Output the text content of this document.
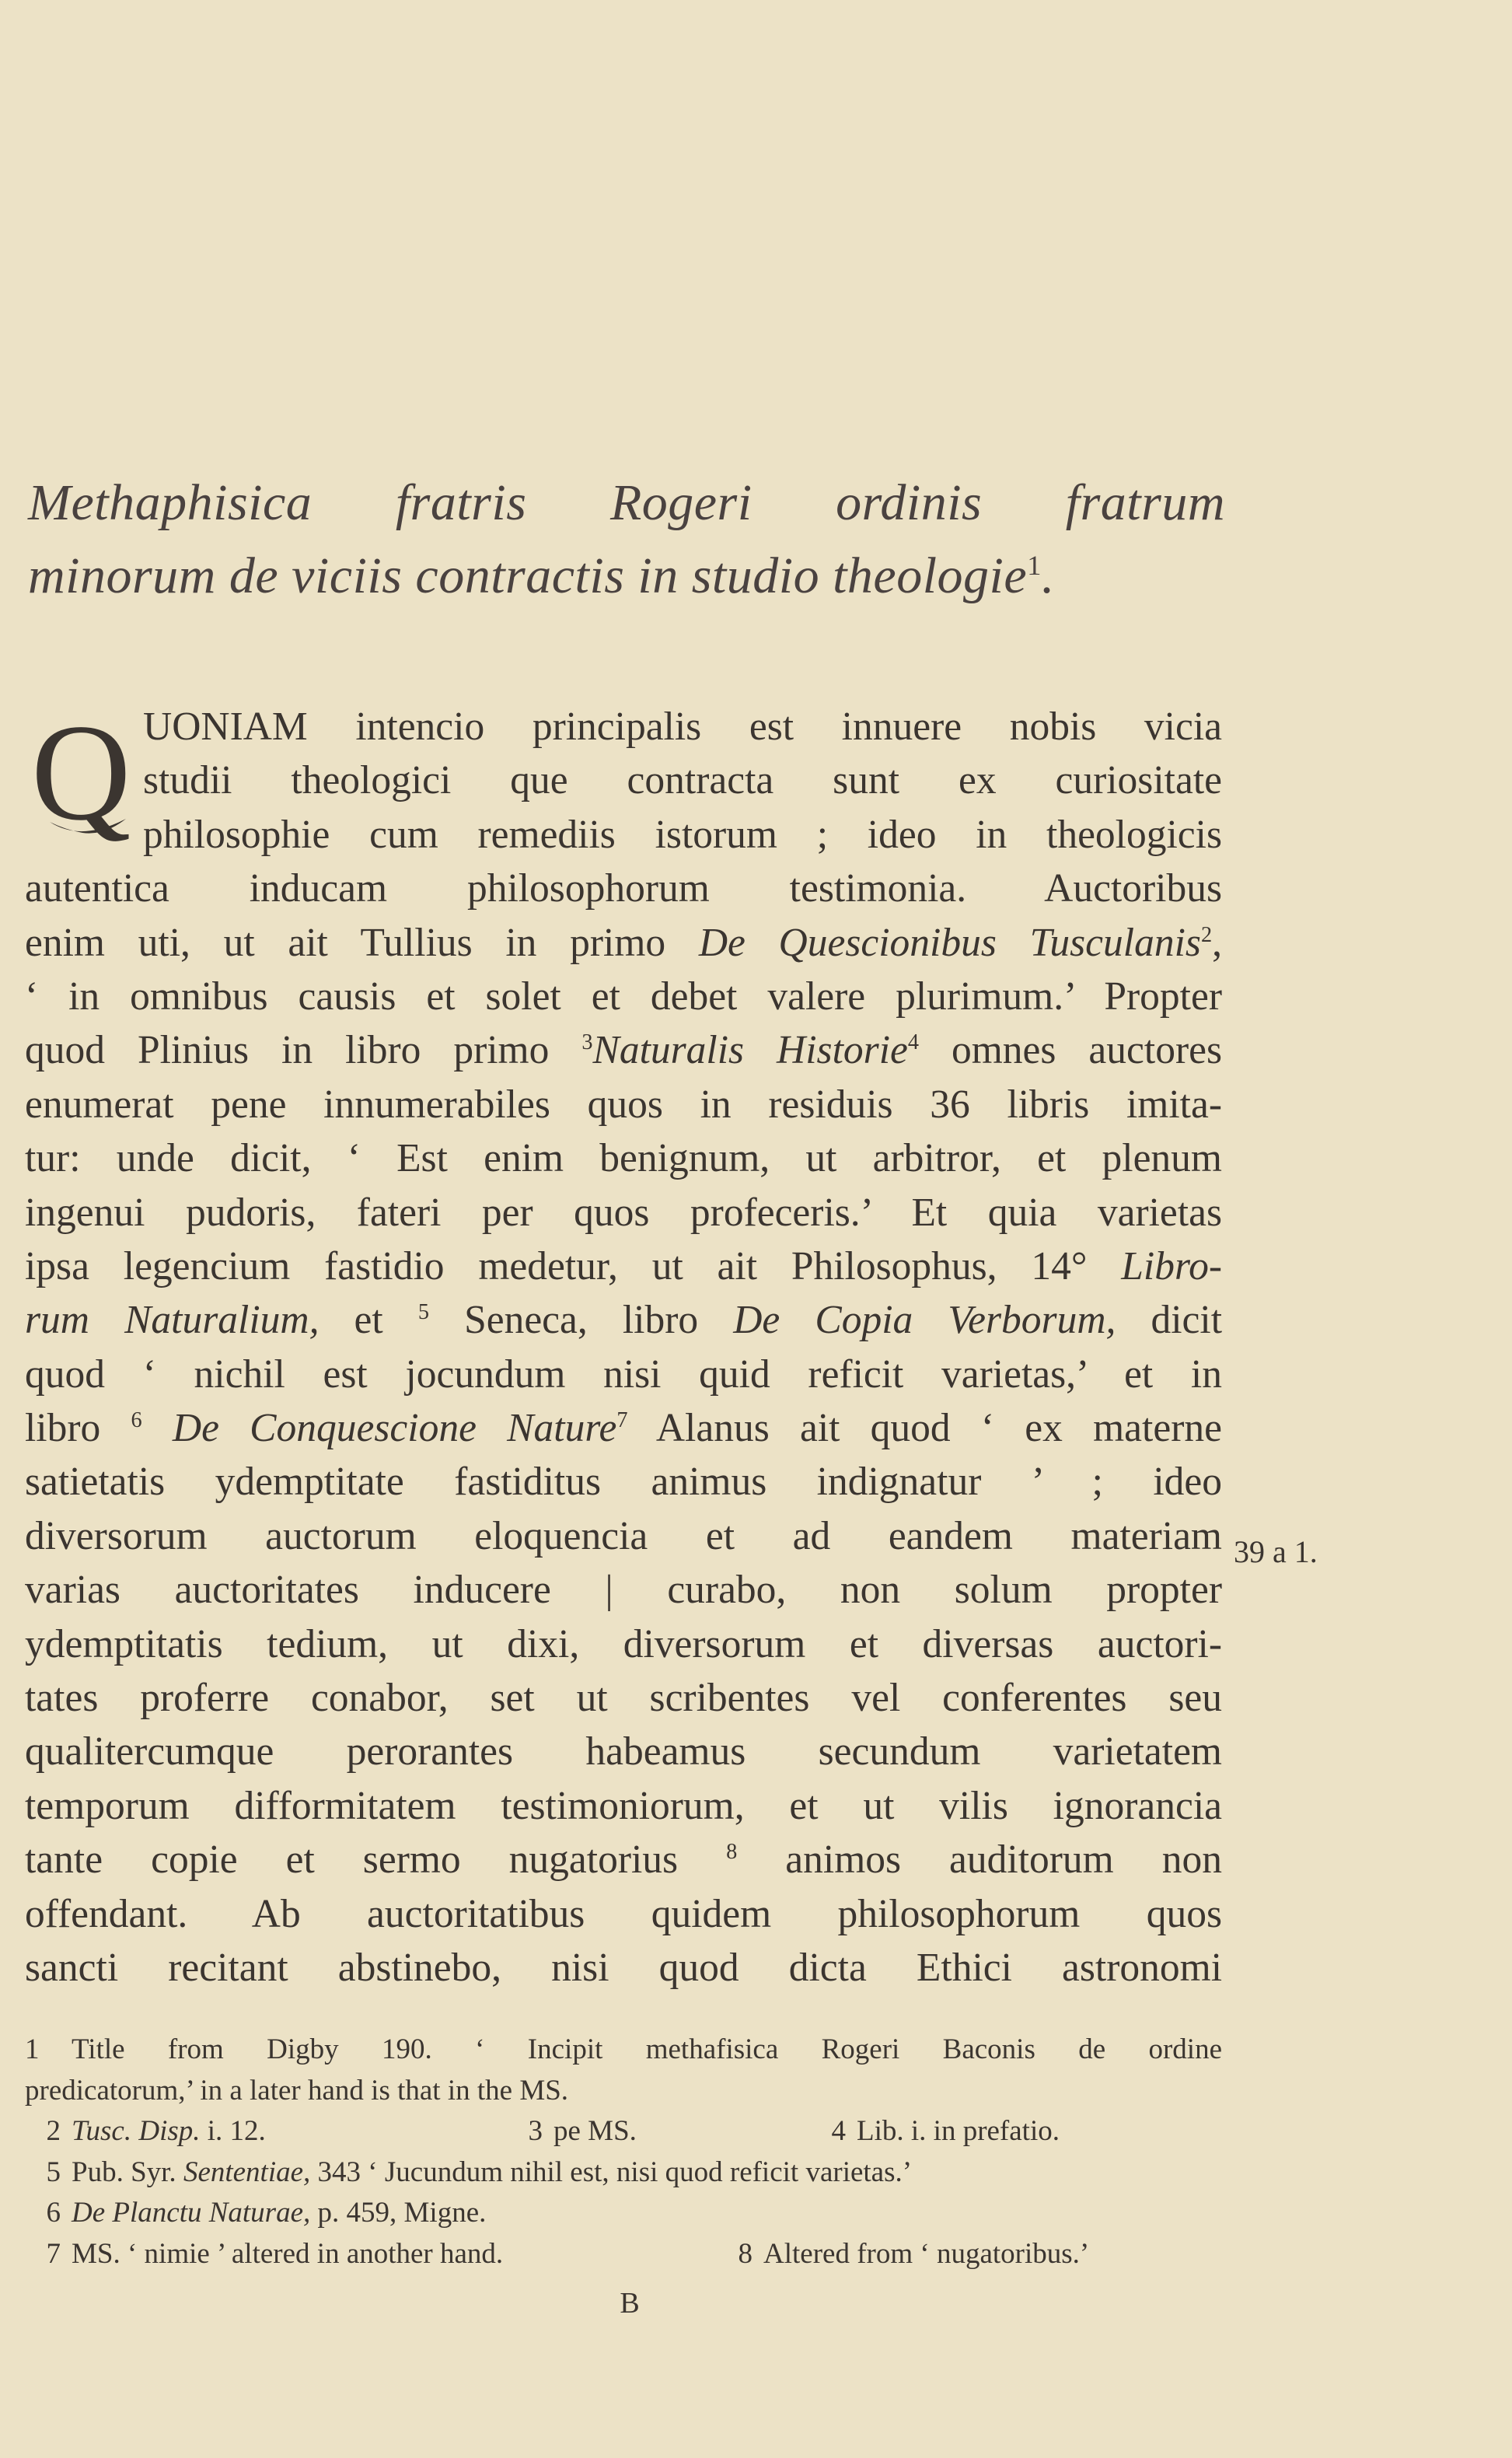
Methaphisica fratris Rogeri ordinis fratrum
minorum de viciis contractis in studio theologie$^1$.
Q UONIAM intencio principalis est innuere nobis vicia
studii theologici que contracta sunt ex curiositate
philosophie cum remediis istorum ; ideo in theologicis
autentica inducam philosophorum testimonia. Auctoribus
enim uti, ut ait Tullius in primo De Quescionibus Tusculanis$^2$,
‘ in omnibus causis et solet et debet valere plurimum.’ Propter
quod Plinius in libro primo $^3$Naturalis Historie$^4$ omnes auctores
enumerat pene innumerabiles quos in residuis 36 libris imita-
tur: unde dicit, ‘ Est enim benignum, ut arbitror, et plenum
ingenui pudoris, fateri per quos profeceris.’ Et quia varietas
ipsa legencium fastidio medetur, ut ait Philosophus, 14° Libro-
rum Naturalium, et $^5$ Seneca, libro De Copia Verborum, dicit
quod ‘ nichil est jocundum nisi quid reficit varietas,’ et in
libro $^6$ De Conquescione Nature$^7$ Alanus ait quod ‘ ex materne
satietatis ydemptitate fastiditus animus indignatur ’ ; ideo
diversorum auctorum eloquencia et ad eandem materiam
varias auctoritates inducere | curabo, non solum propter
ydemptitatis tedium, ut dixi, diversorum et diversas auctori-
tates proferre conabor, set ut scribentes vel conferentes seu
qualitercumque perorantes habeamus secundum varietatem
temporum difformitatem testimoniorum, et ut vilis ignorancia
tante copie et sermo nugatorius $^8$ animos auditorum non
offendant. Ab auctoritatibus quidem philosophorum quos
sancti recitant abstinebo, nisi quod dicta Ethici astronomi
39 a 1.
1 Title from Digby 190. ‘ Incipit methafisica Rogeri Baconis de ordine
predicatorum,’ in a later hand is that in the MS.
2 Tusc. Disp. i. 12.	3 pe MS.	4 Lib. i. in prefatio.
5 Pub. Syr. Sententiae, 343 ‘ Jucundum nihil est, nisi quod reficit varietas.’
6 De Planctu Naturae, p. 459, Migne.
7 MS. ‘ nimie ’ altered in another hand.	8 Altered from ‘ nugatoribus.’
B
